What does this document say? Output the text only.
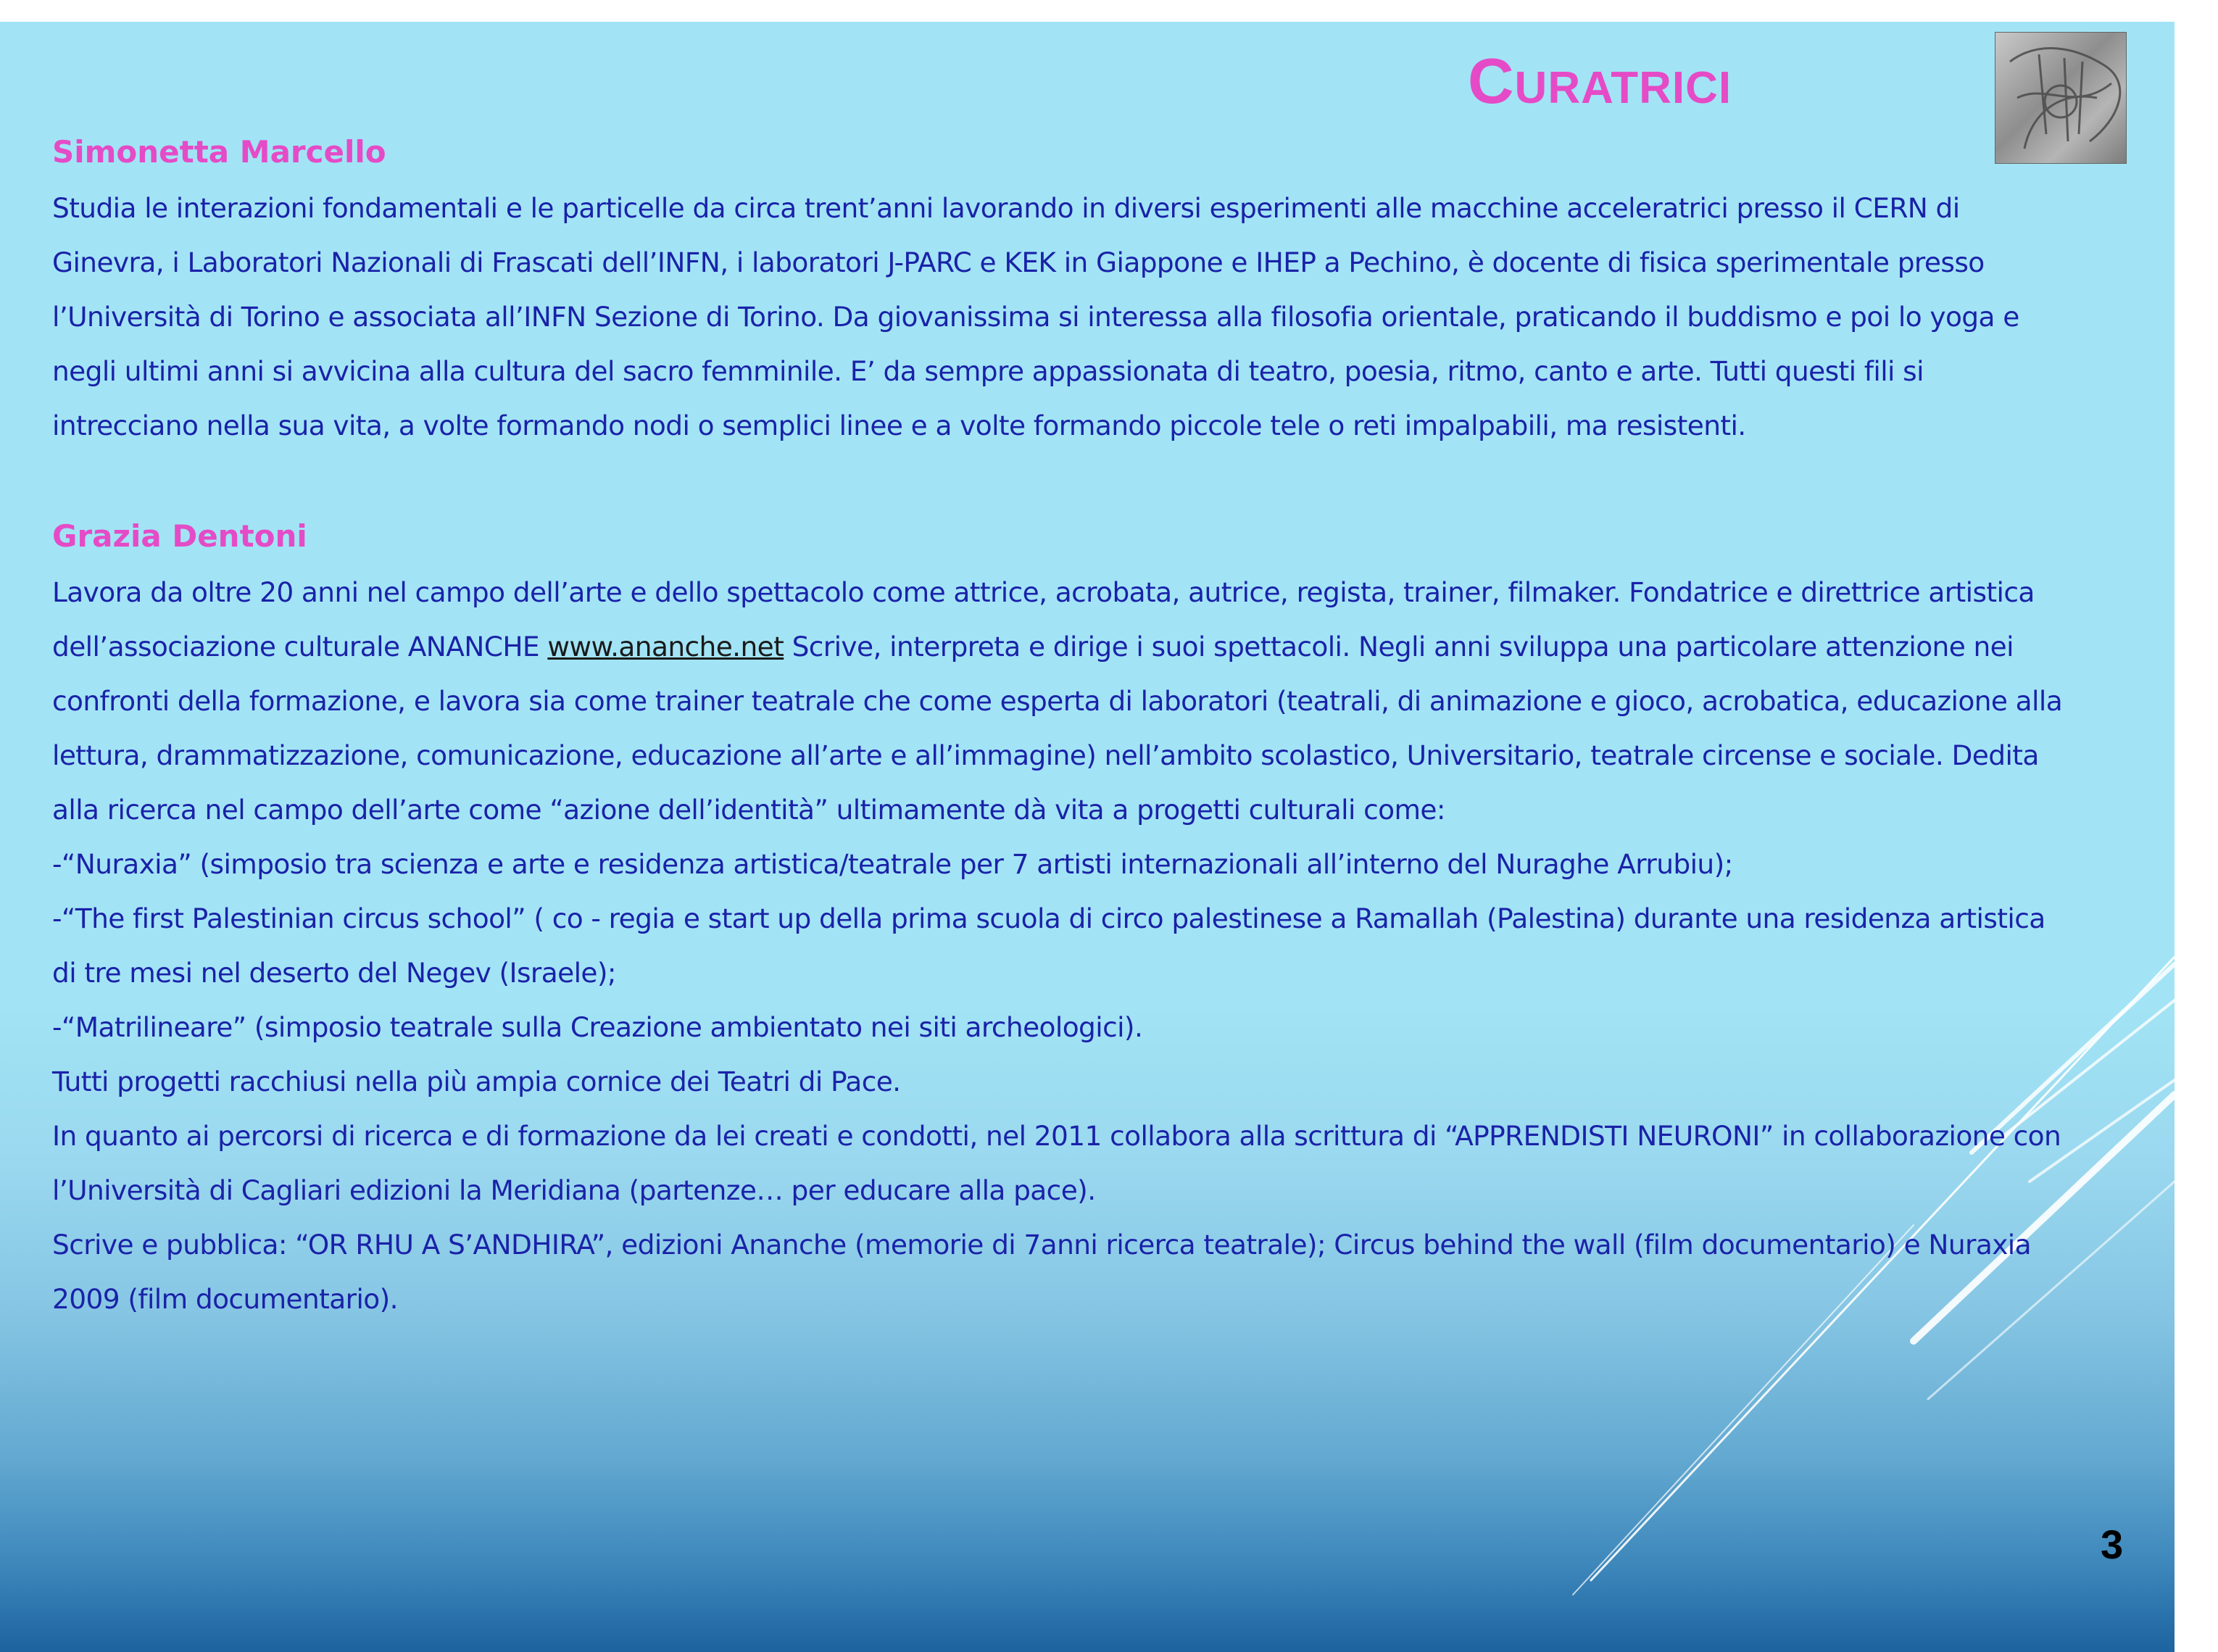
Curatrici
Simonetta Marcello

Studia le interazioni fondamentali e le particelle da circa trent’anni lavorando in diversi esperimenti alle macchine acceleratrici presso il CERN di Ginevra, i Laboratori Nazionali di Frascati dell’INFN, i laboratori J-PARC e KEK in Giappone e IHEP a Pechino, è docente di fisica sperimentale presso l’Università di Torino e associata all’INFN Sezione di Torino. Da giovanissima si interessa alla filosofia orientale, praticando il buddismo e poi lo yoga e negli ultimi anni si avvicina alla cultura del sacro femminile. E’ da sempre appassionata di teatro, poesia, ritmo, canto e arte. Tutti questi fili si intrecciano nella sua vita, a volte formando nodi o semplici linee e a volte formando piccole tele o reti impalpabili, ma resistenti.

Grazia Dentoni

Lavora da oltre 20 anni nel campo dell’arte e dello spettacolo come attrice, acrobata, autrice, regista, trainer, filmaker. Fondatrice e direttrice artistica dell’associazione culturale ANANCHE www.ananche.net Scrive, interpreta e dirige i suoi spettacoli. Negli anni sviluppa una particolare attenzione nei confronti della formazione, e lavora sia come trainer teatrale che come esperta di laboratori (teatrali, di animazione e gioco, acrobatica, educazione alla lettura, drammatizzazione, comunicazione, educazione all’arte e all’immagine) nell’ambito scolastico, Universitario, teatrale circense e sociale. Dedita alla ricerca nel campo dell’arte come “azione dell’identità” ultimamente dà vita a progetti culturali come:

-“Nuraxia” (simposio tra scienza e arte e residenza artistica/teatrale per 7 artisti internazionali all’interno del Nuraghe Arrubiu);

-“The first Palestinian circus school” ( co - regia e start up della prima scuola di circo palestinese a Ramallah (Palestina) durante una residenza artistica di tre mesi nel deserto del Negev (Israele);

-“Matrilineare” (simposio teatrale sulla Creazione ambientato nei siti archeologici).

Tutti progetti racchiusi nella più ampia cornice dei Teatri di Pace.

In quanto ai percorsi di ricerca e di formazione da lei creati e condotti, nel 2011 collabora alla scrittura di “APPRENDISTI NEURONI” in collaborazione con l’Università di Cagliari edizioni la Meridiana (partenze… per educare alla pace).

Scrive e pubblica: “OR RHU A S’ANDHIRA”, edizioni Ananche (memorie di 7anni ricerca teatrale); Circus behind the wall (film documentario) e Nuraxia 2009 (film documentario).

3
